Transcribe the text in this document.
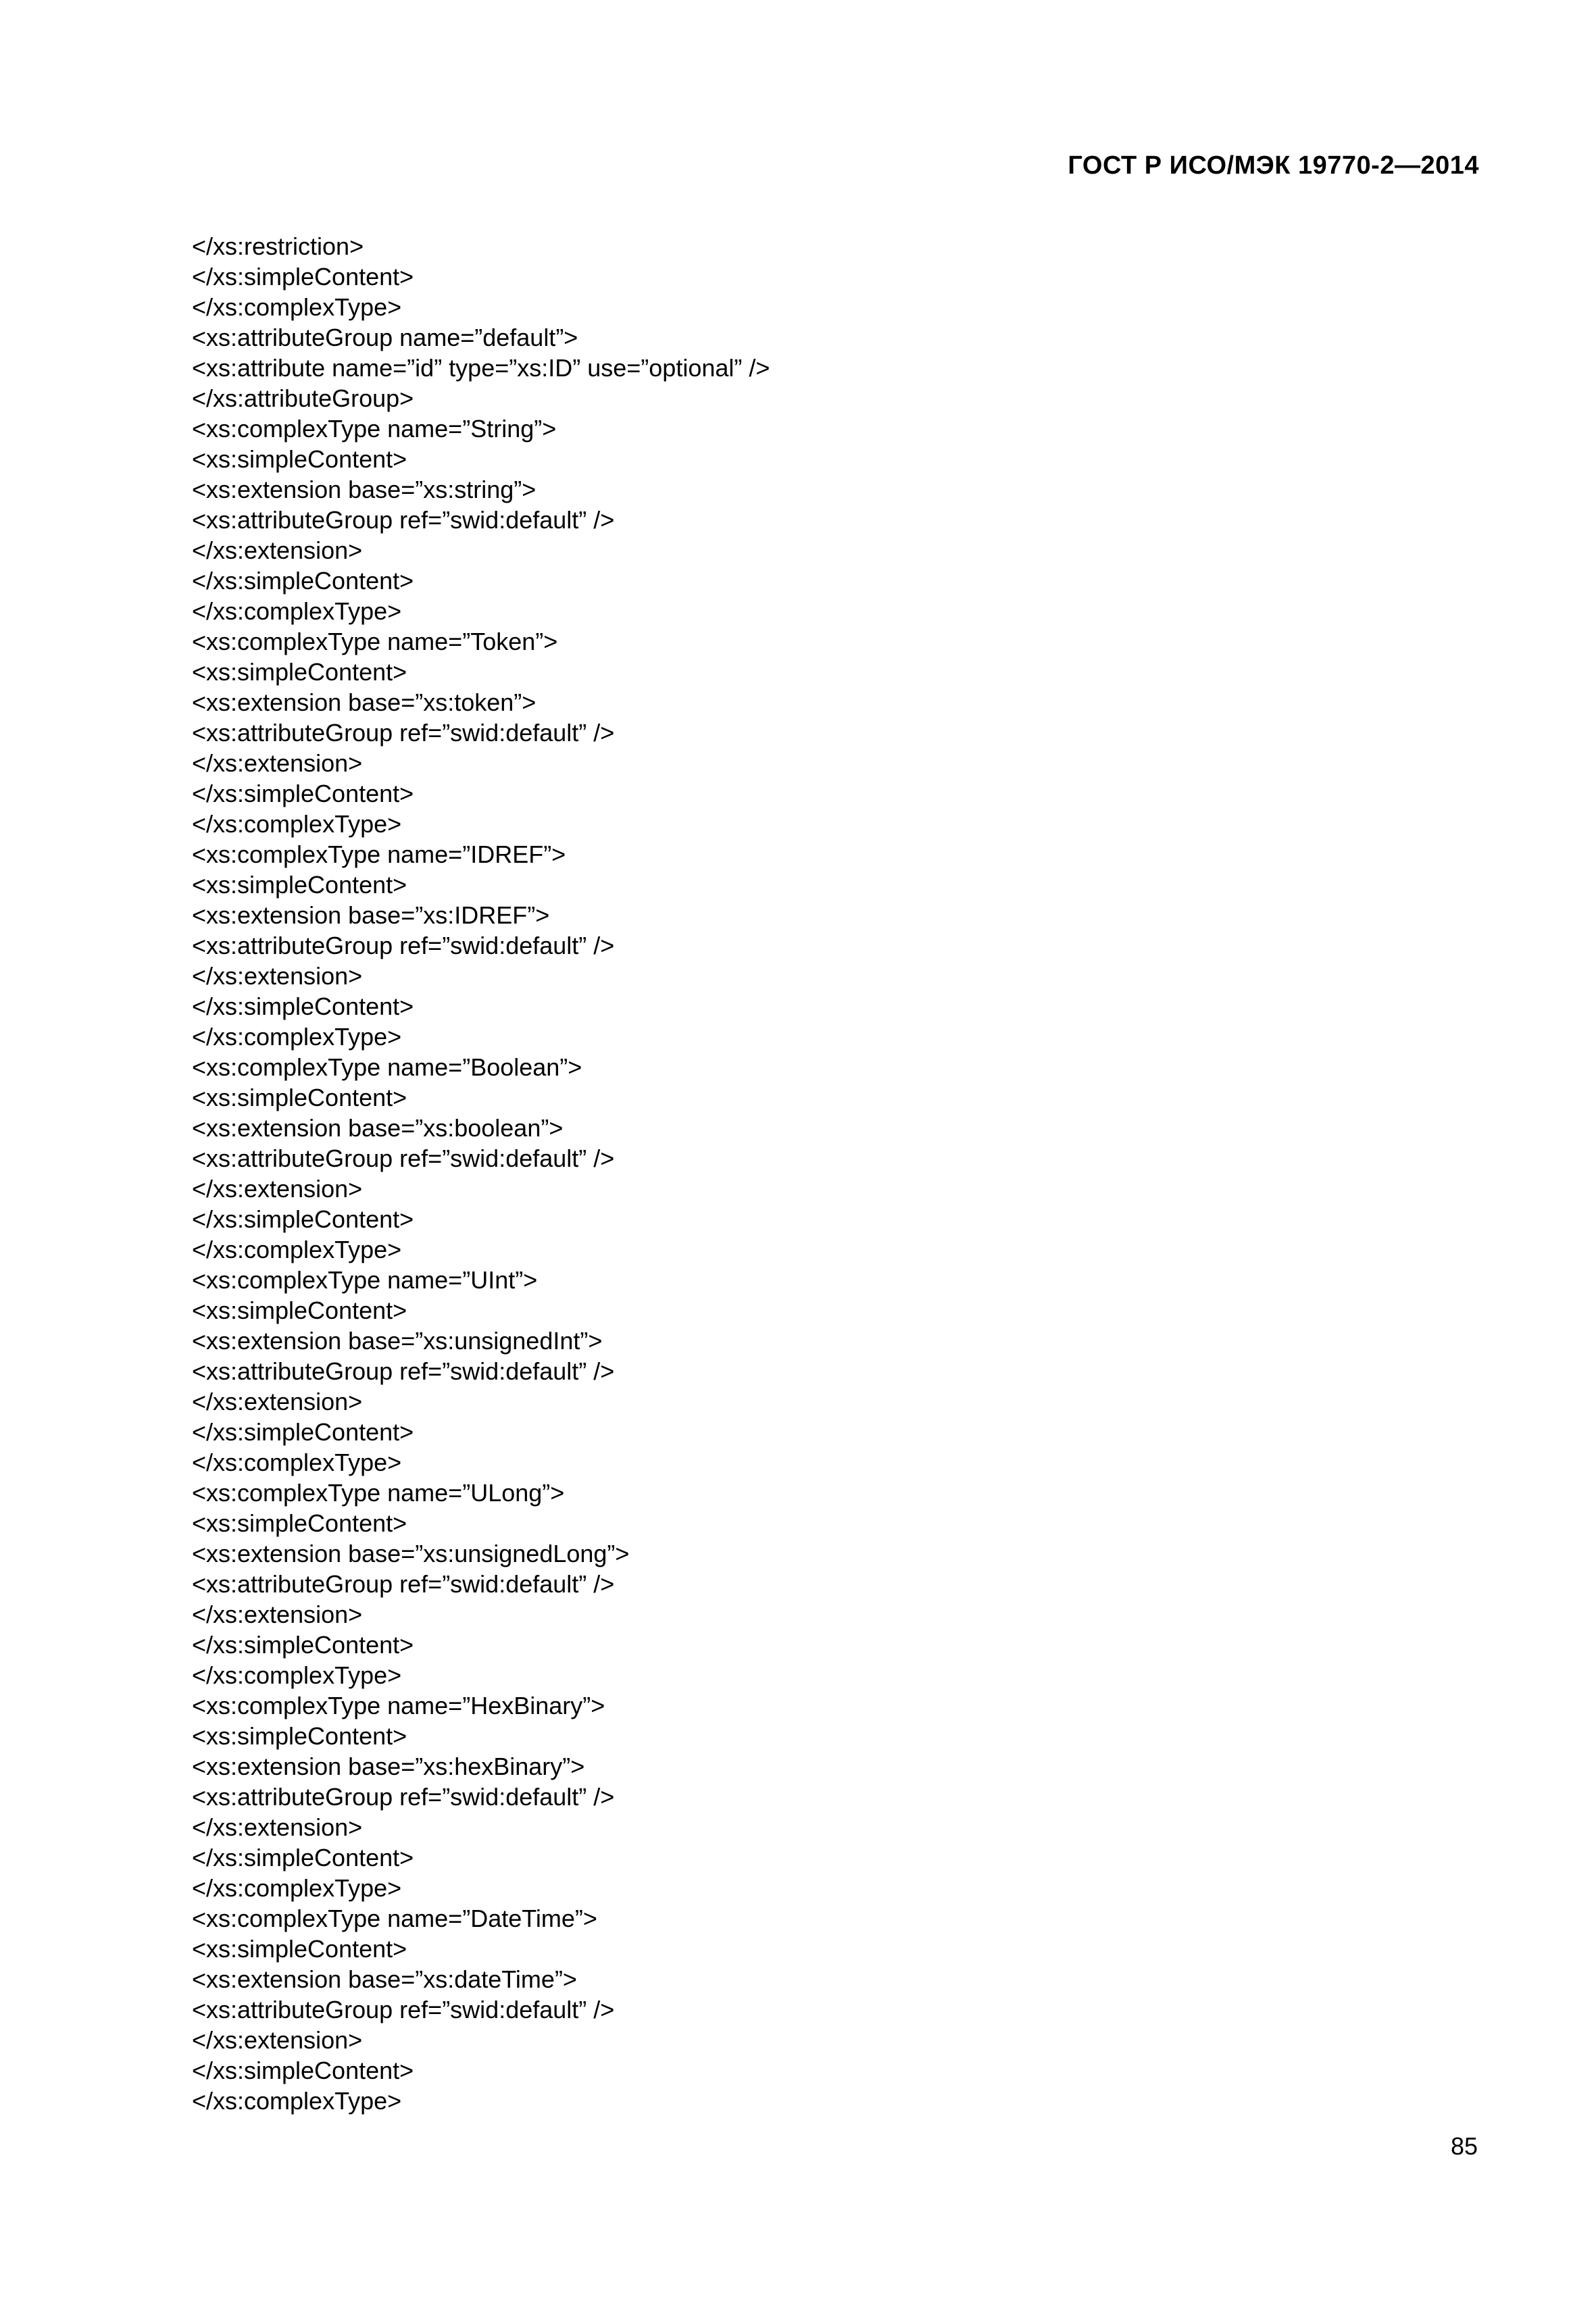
ГОСТ Р ИСО/МЭК 19770-2—2014
</xs:restriction>
</xs:simpleContent>
</xs:complexType>
<xs:attributeGroup name=”default”>
<xs:attribute name=”id” type=”xs:ID” use=”optional” />
</xs:attributeGroup>
<xs:complexType name=”String”>
<xs:simpleContent>
<xs:extension base=”xs:string”>
<xs:attributeGroup ref=”swid:default” />
</xs:extension>
</xs:simpleContent>
</xs:complexType>
<xs:complexType name=”Token”>
<xs:simpleContent>
<xs:extension base=”xs:token”>
<xs:attributeGroup ref=”swid:default” />
</xs:extension>
</xs:simpleContent>
</xs:complexType>
<xs:complexType name=”IDREF”>
<xs:simpleContent>
<xs:extension base=”xs:IDREF”>
<xs:attributeGroup ref=”swid:default” />
</xs:extension>
</xs:simpleContent>
</xs:complexType>
<xs:complexType name=”Boolean”>
<xs:simpleContent>
<xs:extension base=”xs:boolean”>
<xs:attributeGroup ref=”swid:default” />
</xs:extension>
</xs:simpleContent>
</xs:complexType>
<xs:complexType name=”UInt”>
<xs:simpleContent>
<xs:extension base=”xs:unsignedInt”>
<xs:attributeGroup ref=”swid:default” />
</xs:extension>
</xs:simpleContent>
</xs:complexType>
<xs:complexType name=”ULong”>
<xs:simpleContent>
<xs:extension base=”xs:unsignedLong”>
<xs:attributeGroup ref=”swid:default” />
</xs:extension>
</xs:simpleContent>
</xs:complexType>
<xs:complexType name=”HexBinary”>
<xs:simpleContent>
<xs:extension base=”xs:hexBinary”>
<xs:attributeGroup ref=”swid:default” />
</xs:extension>
</xs:simpleContent>
</xs:complexType>
<xs:complexType name=”DateTime”>
<xs:simpleContent>
<xs:extension base=”xs:dateTime”>
<xs:attributeGroup ref=”swid:default” />
</xs:extension>
</xs:simpleContent>
</xs:complexType>
85
